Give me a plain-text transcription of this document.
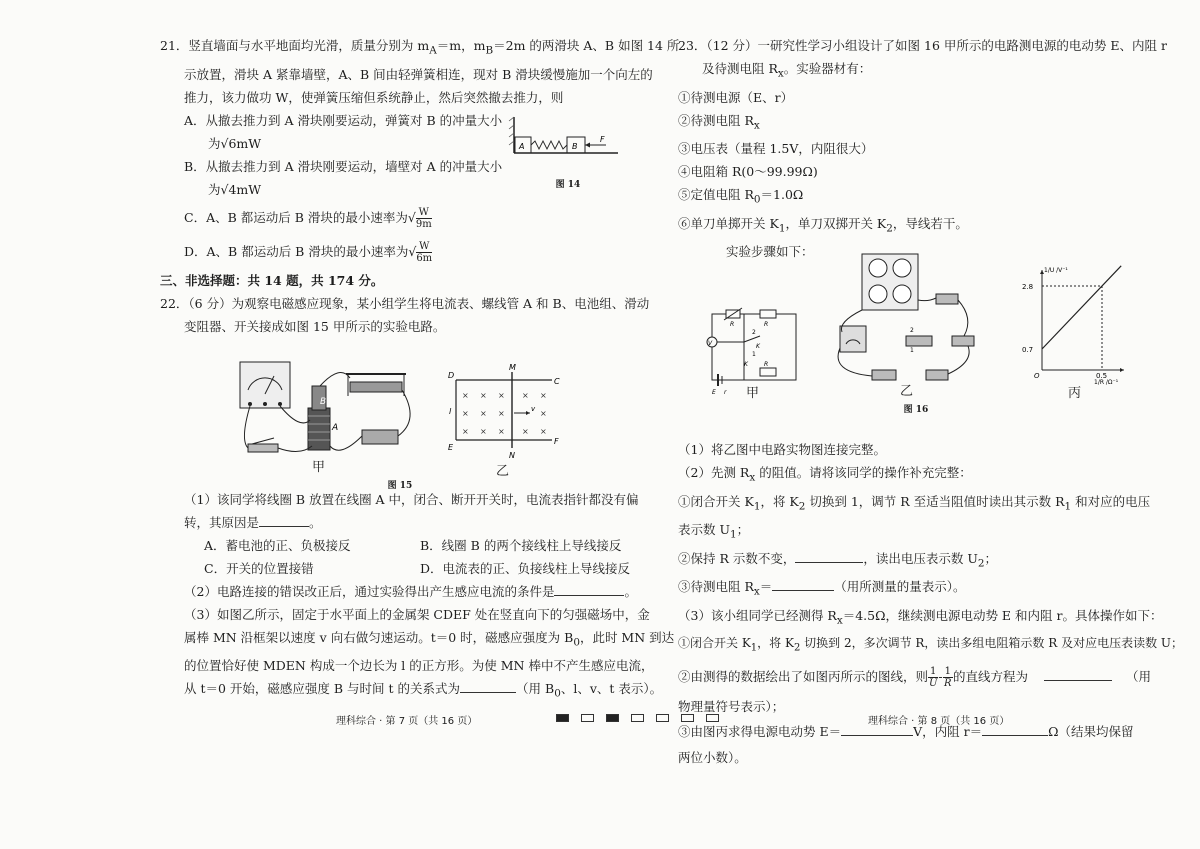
21．竖直墙面与水平地面均光滑，质量分别为 $m_A=m$，$m_B=2m$ 的两滑块 A、B 如图 14 所
示放置，滑块 A 紧靠墙壁，A、B 间由轻弹簧相连，现对 B 滑块缓慢施加一个向左的
推力，该力做功 W，使弹簧压缩但系统静止，然后突然撤去推力，则
A．从撤去推力到 A 滑块刚要运动，弹簧对 B 的冲量大小
为√6mW
B．从撤去推力到 A 滑块刚要运动，墙壁对 A 的冲量大小
为√4mW
C．A、B 都运动后 B 滑块的最小速率为√ $\frac{W}{9m}$
D．A、B 都运动后 B 滑块的最小速率为√ $\frac{W}{6m}$
三、非选择题：共 14 题，共 174 分。
22．（6 分）为观察电磁感应现象，某小组学生将电流表、螺线管 A 和 B、电池组、滑动
变阻器、开关接成如图 15 甲所示的实验电路。
（1）该同学将线圈 B 放置在线圈 A 中，闭合、断开开关时，电流表指针都没有偏
转，其原因是	。
A．蓄电池的正、负极接反	B．线圈 B 的两个接线柱上导线接反
C．开关的位置接错	D．电流表的正、负接线柱上导线接反
（2）电路连接的错误改正后，通过实验得出产生感应电流的条件是	。
（3）如图乙所示，固定于水平面上的金属架 CDEF 处在竖直向下的匀强磁场中，金
属棒 MN 沿框架以速度 v 向右做匀速运动。t＝0 时，磁感应强度为 $B_0$，此时 MN 到达
的位置恰好使 MDEN 构成一个边长为 l 的正方形。为使 MN 棒中不产生感应电流，
从 t＝0 开始，磁感应强度 B 与时间 t 的关系式为	（用 $B_0$、l、v、t 表示）。
A	B
F
图 14
B
A
× × × × ×
× × ×	×
× × × × ×
D
M
C
E
N
F
l	v
甲	乙
图 15
理科综合 · 第 7 页（共 16 页）
23．（12 分）一研究性学习小组设计了如图 16 甲所示的电路测电源的电动势 E、内阻 r
及待测电阻 $R_x$。实验器材有：
①待测电源（E、r）
②待测电阻 $R_x$
③电压表（量程 1.5V，内阻很大）
④电阻箱 R(0～99.99Ω)
⑤定值电阻 $R_0=1.0\Omega$
⑥单刀单掷开关 $K_1$，单刀双掷开关 $K_2$，导线若干。
实验步骤如下：
（1）将乙图中电路实物图连接完整。
（2）先测 $R_x$ 的阻值。请将该同学的操作补充完整：
①闭合开关 $K_1$，将 $K_2$ 切换到 1，调节 R 至适当阻值时读出其示数 $R_1$ 和对应的电压
表示数 $U_1$；
②保持 R 示数不变，	，读出电压表示数 $U_2$；
③待测电阻 $R_x=$	（用所测量的量表示）。
（3）该小组同学已经测得 $R_x=4.5\Omega$，继续测电源电动势 E 和内阻 r。具体操作如下：
①闭合开关 $K_1$，将 $K_2$ 切换到 2，多次调节 R，读出多组电阻箱示数 R 及对应电压表读数 U；
②由测得的数据绘出了如图丙所示的图线，则 $\frac{1}{U} - \frac{1}{R}$ 的直线方程为	（用
物理量符号表示）；
③由图丙求得电源电动势 E＝	V，内阻 r＝	Ω（结果均保留
两位小数）。
V
R	R
K
2
1
K	R
E r 甲
2
1
乙
0.7
2.8
0.5
O
1/U /V⁻¹
1/R /Ω⁻¹
丙
图 16
理科综合 · 第 8 页（共 16 页）
